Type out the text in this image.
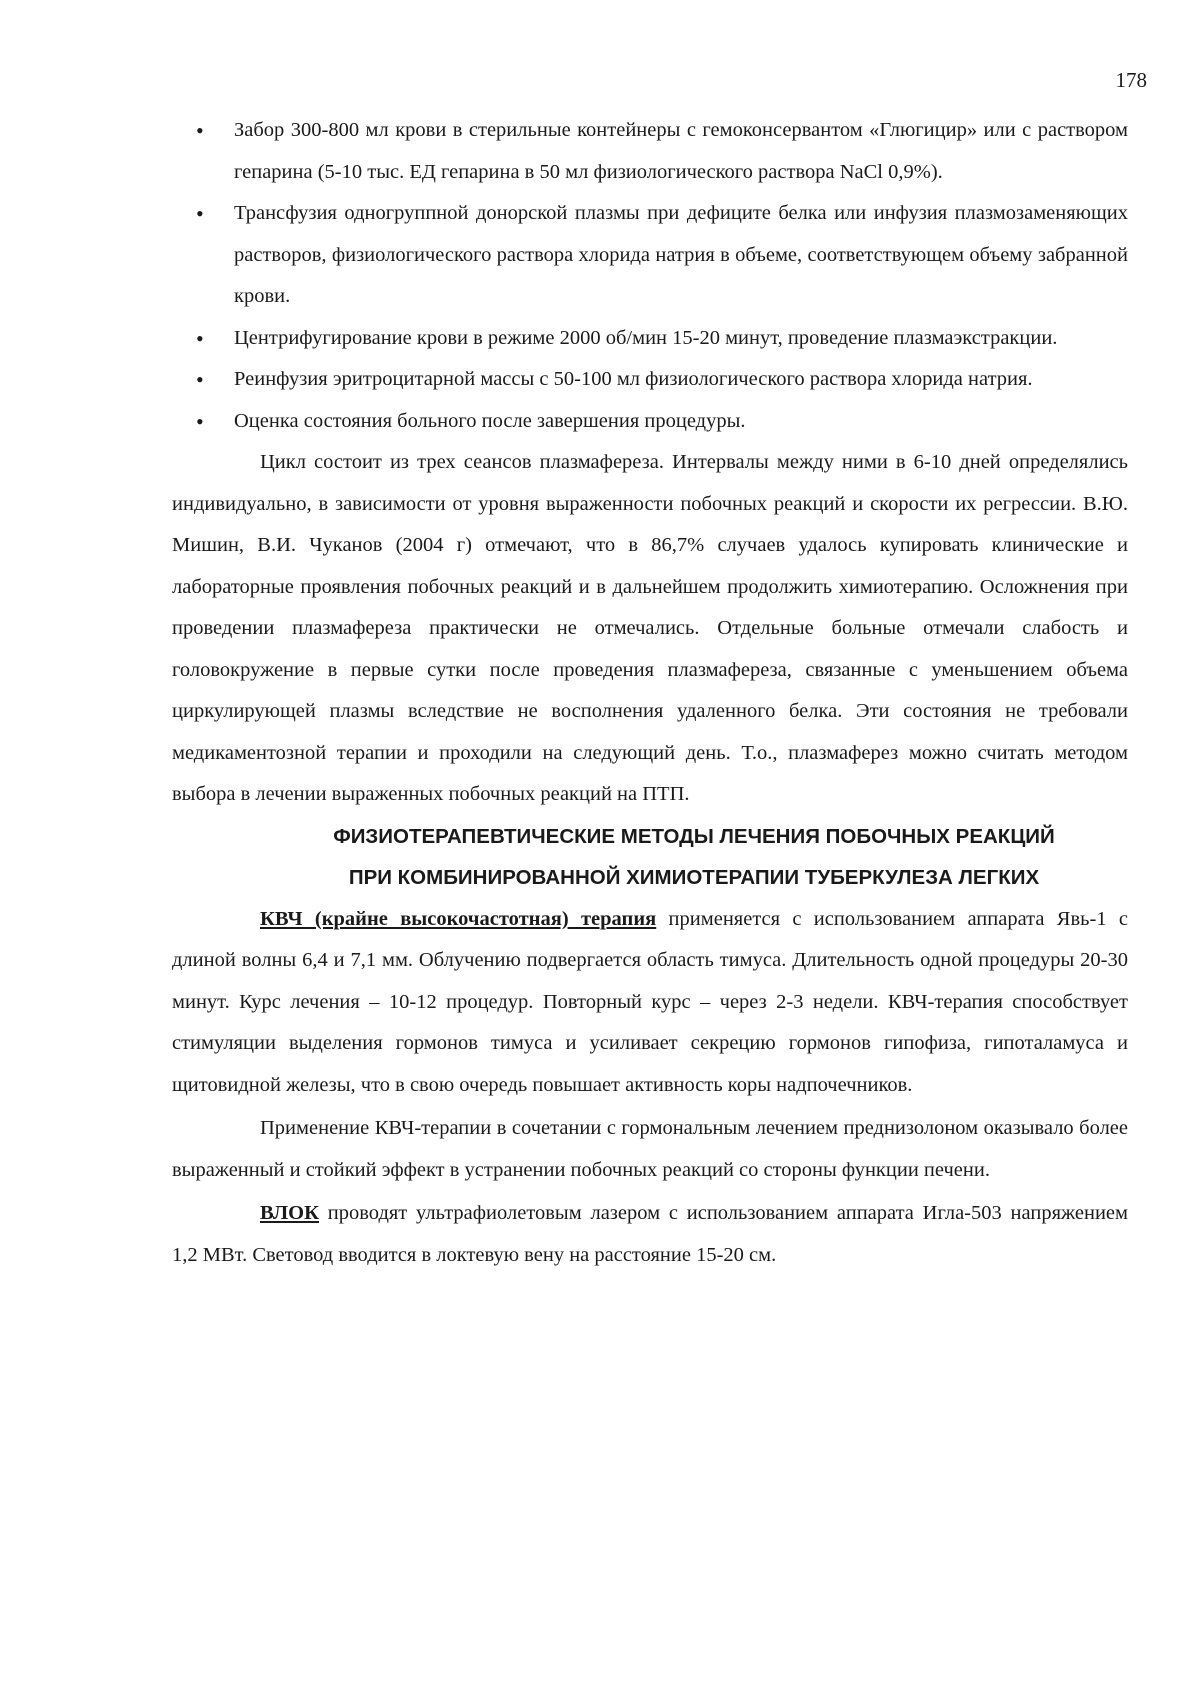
178
• Забор 300-800 мл крови в стерильные контейнеры с гемоконсервантом «Глюгицир» или с раствором гепарина (5-10 тыс. ЕД гепарина в 50 мл физиологического раствора NaCl 0,9%).
• Трансфузия одногруппной донорской плазмы при дефиците белка или инфузия плазмозаменяющих растворов, физиологического раствора хлорида натрия в объеме, соответствующем объему забранной крови.
• Центрифугирование крови в режиме 2000 об/мин 15-20 минут, проведение плазмаэкстракции.
• Реинфузия эритроцитарной массы с 50-100 мл физиологического раствора хлорида натрия.
• Оценка состояния больного после завершения процедуры.

Цикл состоит из трех сеансов плазмафереза. Интервалы между ними в 6-10 дней определялись индивидуально, в зависимости от уровня выраженности побочных реакций и скорости их регрессии. В.Ю. Мишин, В.И. Чуканов (2004 г) отмечают, что в 86,7% случаев удалось купировать клинические и лабораторные проявления побочных реакций и в дальнейшем продолжить химиотерапию. Осложнения при проведении плазмафереза практически не отмечались. Отдельные больные отмечали слабость и головокружение в первые сутки после проведения плазмафереза, связанные с уменьшением объема циркулирующей плазмы вследствие не восполнения удаленного белка. Эти состояния не требовали медикаментозной терапии и проходили на следующий день. Т.о., плазмаферез можно считать методом выбора в лечении выраженных побочных реакций на ПТП.

ФИЗИОТЕРАПЕВТИЧЕСКИЕ МЕТОДЫ ЛЕЧЕНИЯ ПОБОЧНЫХ РЕАКЦИЙ
ПРИ КОМБИНИРОВАННОЙ ХИМИОТЕРАПИИ ТУБЕРКУЛЕЗА ЛЕГКИХ

КВЧ (крайне высокочастотная) терапия применяется с использованием аппарата Явь-1 с длиной волны 6,4 и 7,1 мм. Облучению подвергается область тимуса. Длительность одной процедуры 20-30 минут. Курс лечения – 10-12 процедур. Повторный курс – через 2-3 недели. КВЧ-терапия способствует стимуляции выделения гормонов тимуса и усиливает секрецию гормонов гипофиза, гипоталамуса и щитовидной железы, что в свою очередь повышает активность коры надпочечников.

Применение КВЧ-терапии в сочетании с гормональным лечением преднизолоном оказывало более выраженный и стойкий эффект в устранении побочных реакций со стороны функции печени.

ВЛОК проводят ультрафиолетовым лазером с использованием аппарата Игла-503 напряжением 1,2 МВт. Световод вводится в локтевую вену на расстояние 15-20 см.
